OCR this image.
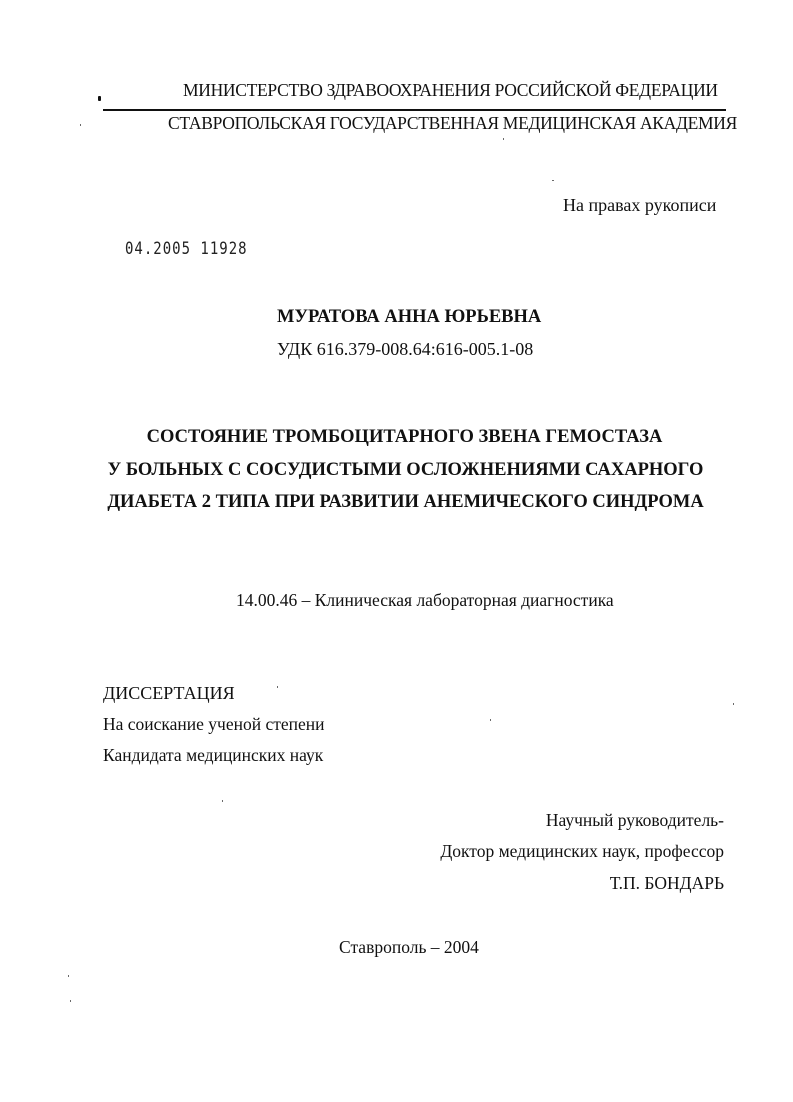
МИНИСТЕРСТВО ЗДРАВООХРАНЕНИЯ РОССИЙСКОЙ ФЕДЕРАЦИИ
СТАВРОПОЛЬСКАЯ ГОСУДАРСТВЕННАЯ МЕДИЦИНСКАЯ АКАДЕМИЯ
На правах рукописи
04.2005 11928
МУРАТОВА АННА ЮРЬЕВНА
УДК 616.379-008.64:616-005.1-08
СОСТОЯНИЕ ТРОМБОЦИТАРНОГО ЗВЕНА ГЕМОСТАЗА
У БОЛЬНЫХ С СОСУДИСТЫМИ ОСЛОЖНЕНИЯМИ САХАРНОГО
ДИАБЕТА 2 ТИПА ПРИ РАЗВИТИИ АНЕМИЧЕСКОГО СИНДРОМА
14.00.46 – Клиническая лабораторная диагностика
ДИССЕРТАЦИЯ
На соискание ученой степени
Кандидата медицинских наук
Научный руководитель-
Доктор медицинских наук, профессор
Т.П. БОНДАРЬ
Ставрополь – 2004
